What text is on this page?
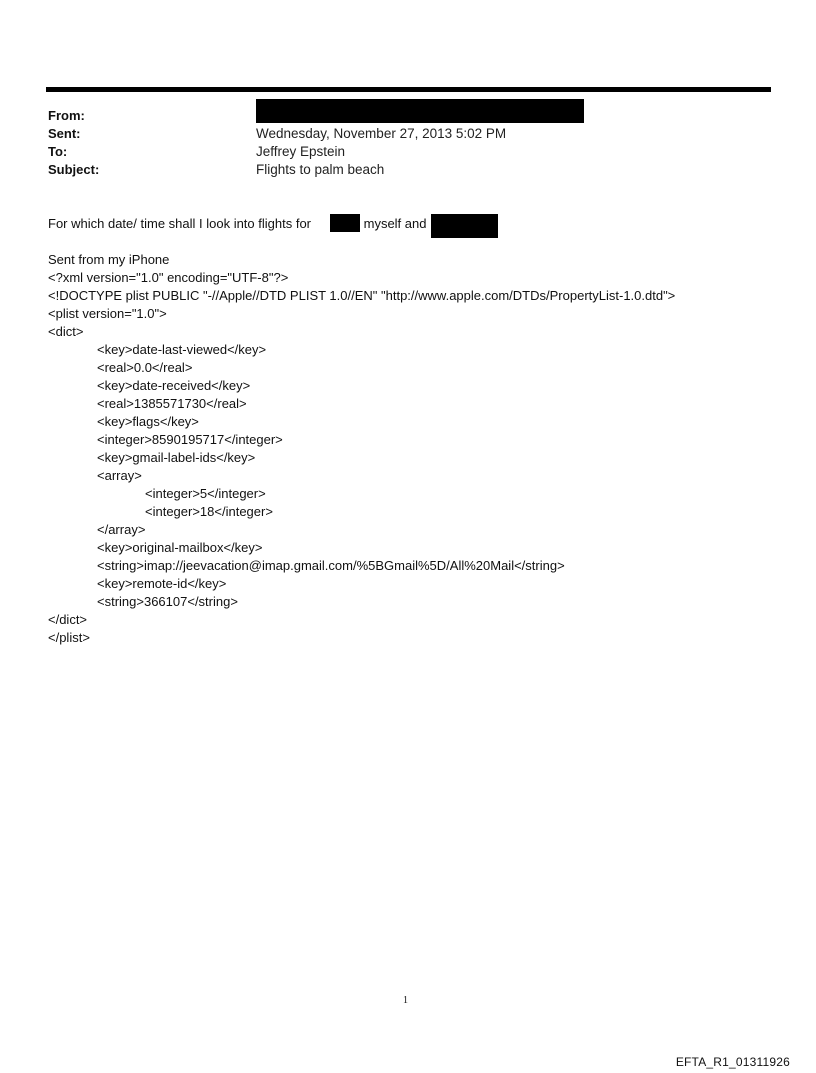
From:
Sent:	Wednesday, November 27, 2013 5:02 PM
To:	Jeffrey Epstein
Subject:	Flights to palm beach
For which date/ time shall I look into flights for	myself and
Sent from my iPhone
<?xml version="1.0" encoding="UTF-8"?>
<!DOCTYPE plist PUBLIC "-//Apple//DTD PLIST 1.0//EN" "http://www.apple.com/DTDs/PropertyList-1.0.dtd">
<plist version="1.0">
<dict>
<key>date-last-viewed</key>
<real>0.0</real>
<key>date-received</key>
<real>1385571730</real>
<key>flags</key>
<integer>8590195717</integer>
<key>gmail-label-ids</key>
<array>
<integer>5</integer>
<integer>18</integer>
</array>
<key>original-mailbox</key>
<string>imap://jeevacation@imap.gmail.com/%5BGmail%5D/All%20Mail</string>
<key>remote-id</key>
<string>366107</string>
</dict>
</plist>
1
EFTA_R1_01311926
